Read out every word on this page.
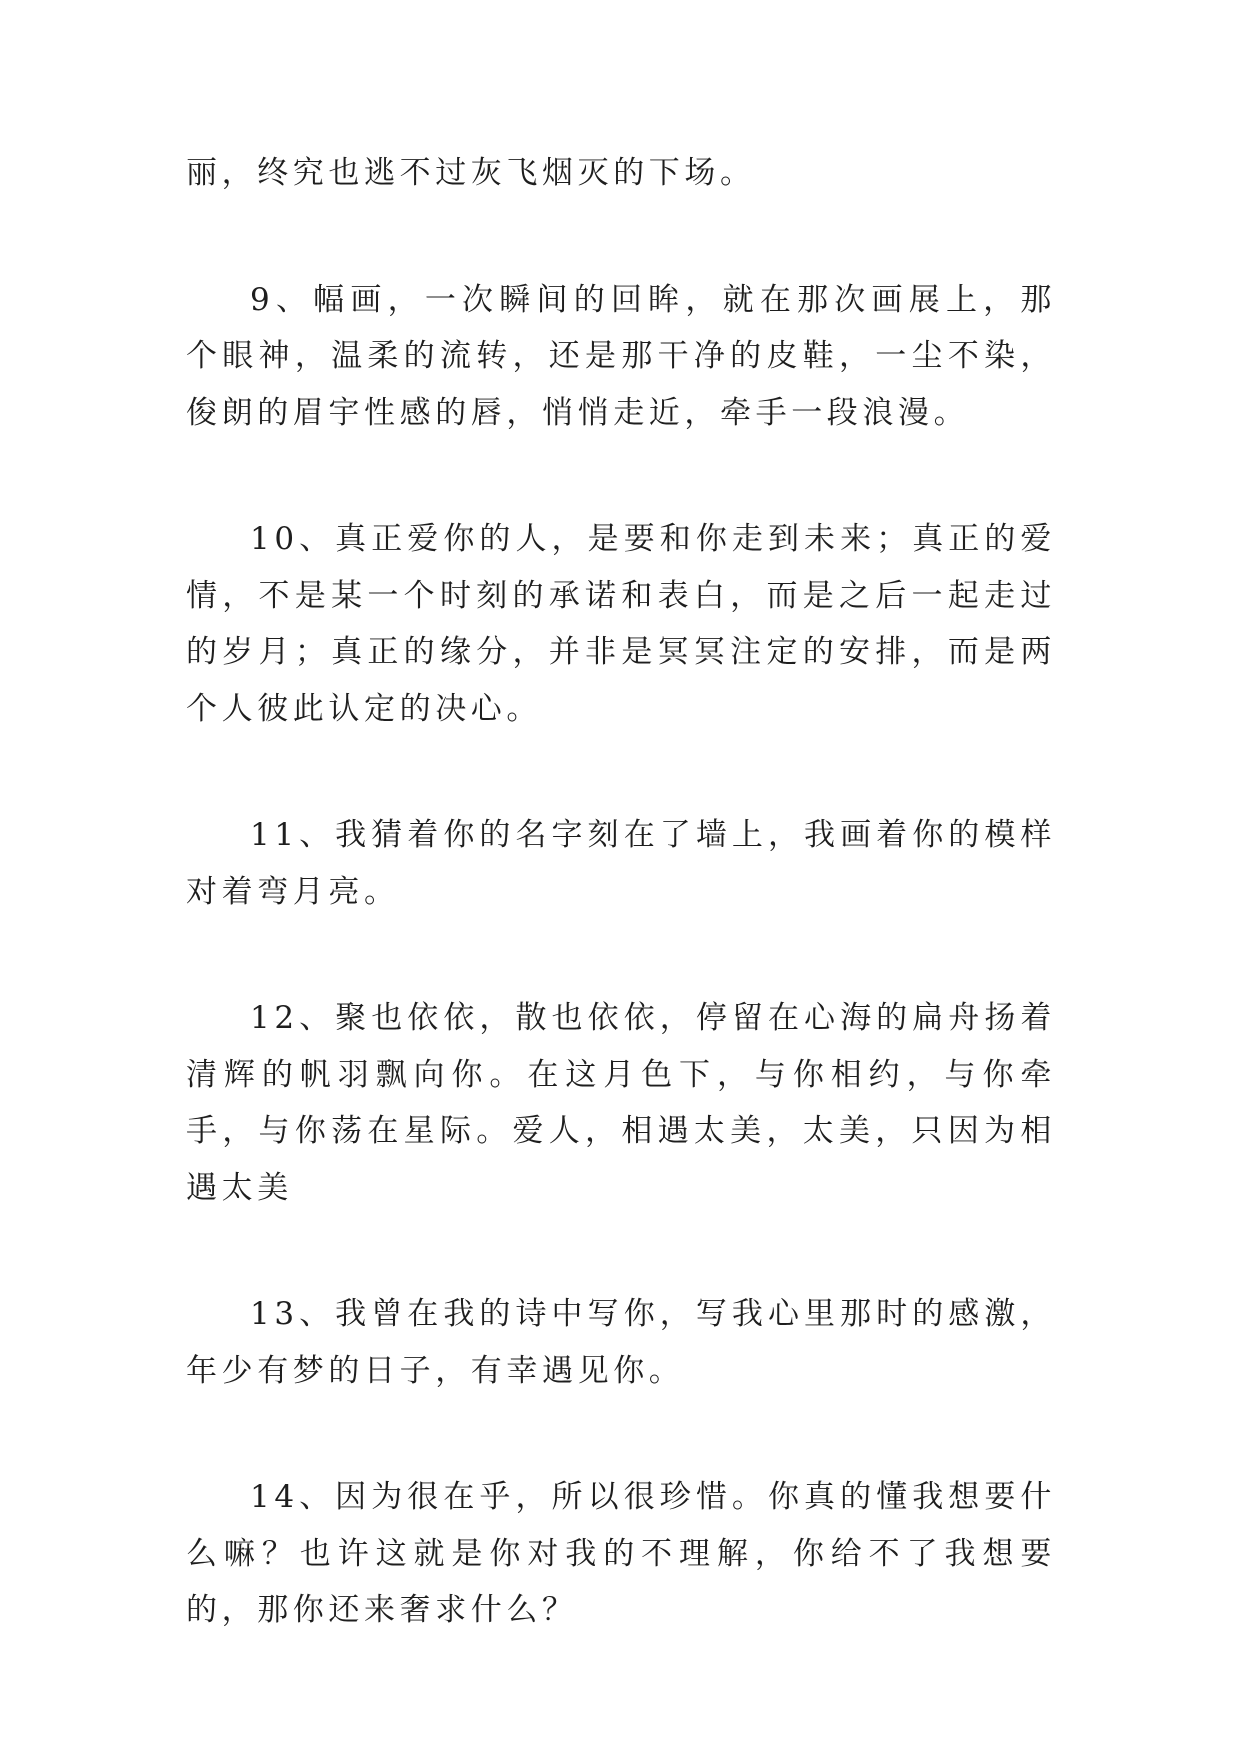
丽，终究也逃不过灰飞烟灭的下场。

9、幅画，一次瞬间的回眸，就在那次画展上，那个眼神，温柔的流转，还是那干净的皮鞋，一尘不染，俊朗的眉宇性感的唇，悄悄走近，牵手一段浪漫。

10、真正爱你的人，是要和你走到未来；真正的爱情，不是某一个时刻的承诺和表白，而是之后一起走过的岁月；真正的缘分，并非是冥冥注定的安排，而是两个人彼此认定的决心。

11、我猜着你的名字刻在了墙上，我画着你的模样对着弯月亮。

12、聚也依依，散也依依，停留在心海的扁舟扬着清辉的帆羽飘向你。在这月色下，与你相约，与你牵手，与你荡在星际。爱人，相遇太美，太美，只因为相遇太美

13、我曾在我的诗中写你，写我心里那时的感激，年少有梦的日子，有幸遇见你。

14、因为很在乎，所以很珍惜。你真的懂我想要什么嘛？也许这就是你对我的不理解，你给不了我想要的，那你还来奢求什么？
